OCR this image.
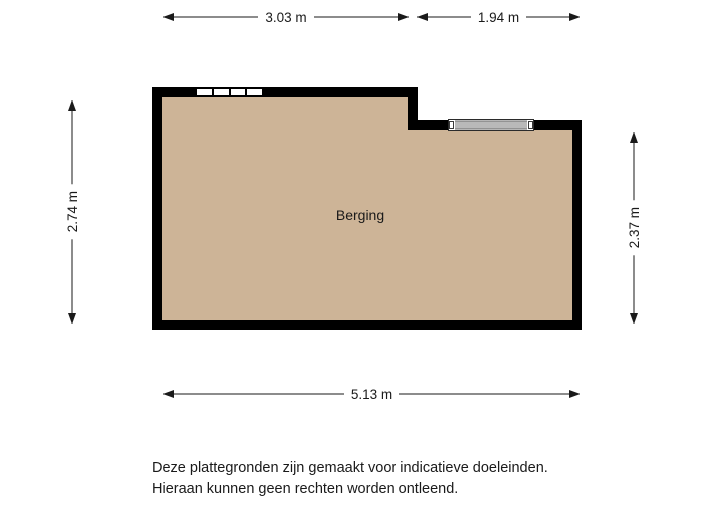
3.03 m	1.94 m
2.74 m	2.37 m
5.13 m
Berging
Deze plattegronden zijn gemaakt voor indicatieve doeleinden.
Hieraan kunnen geen rechten worden ontleend.
